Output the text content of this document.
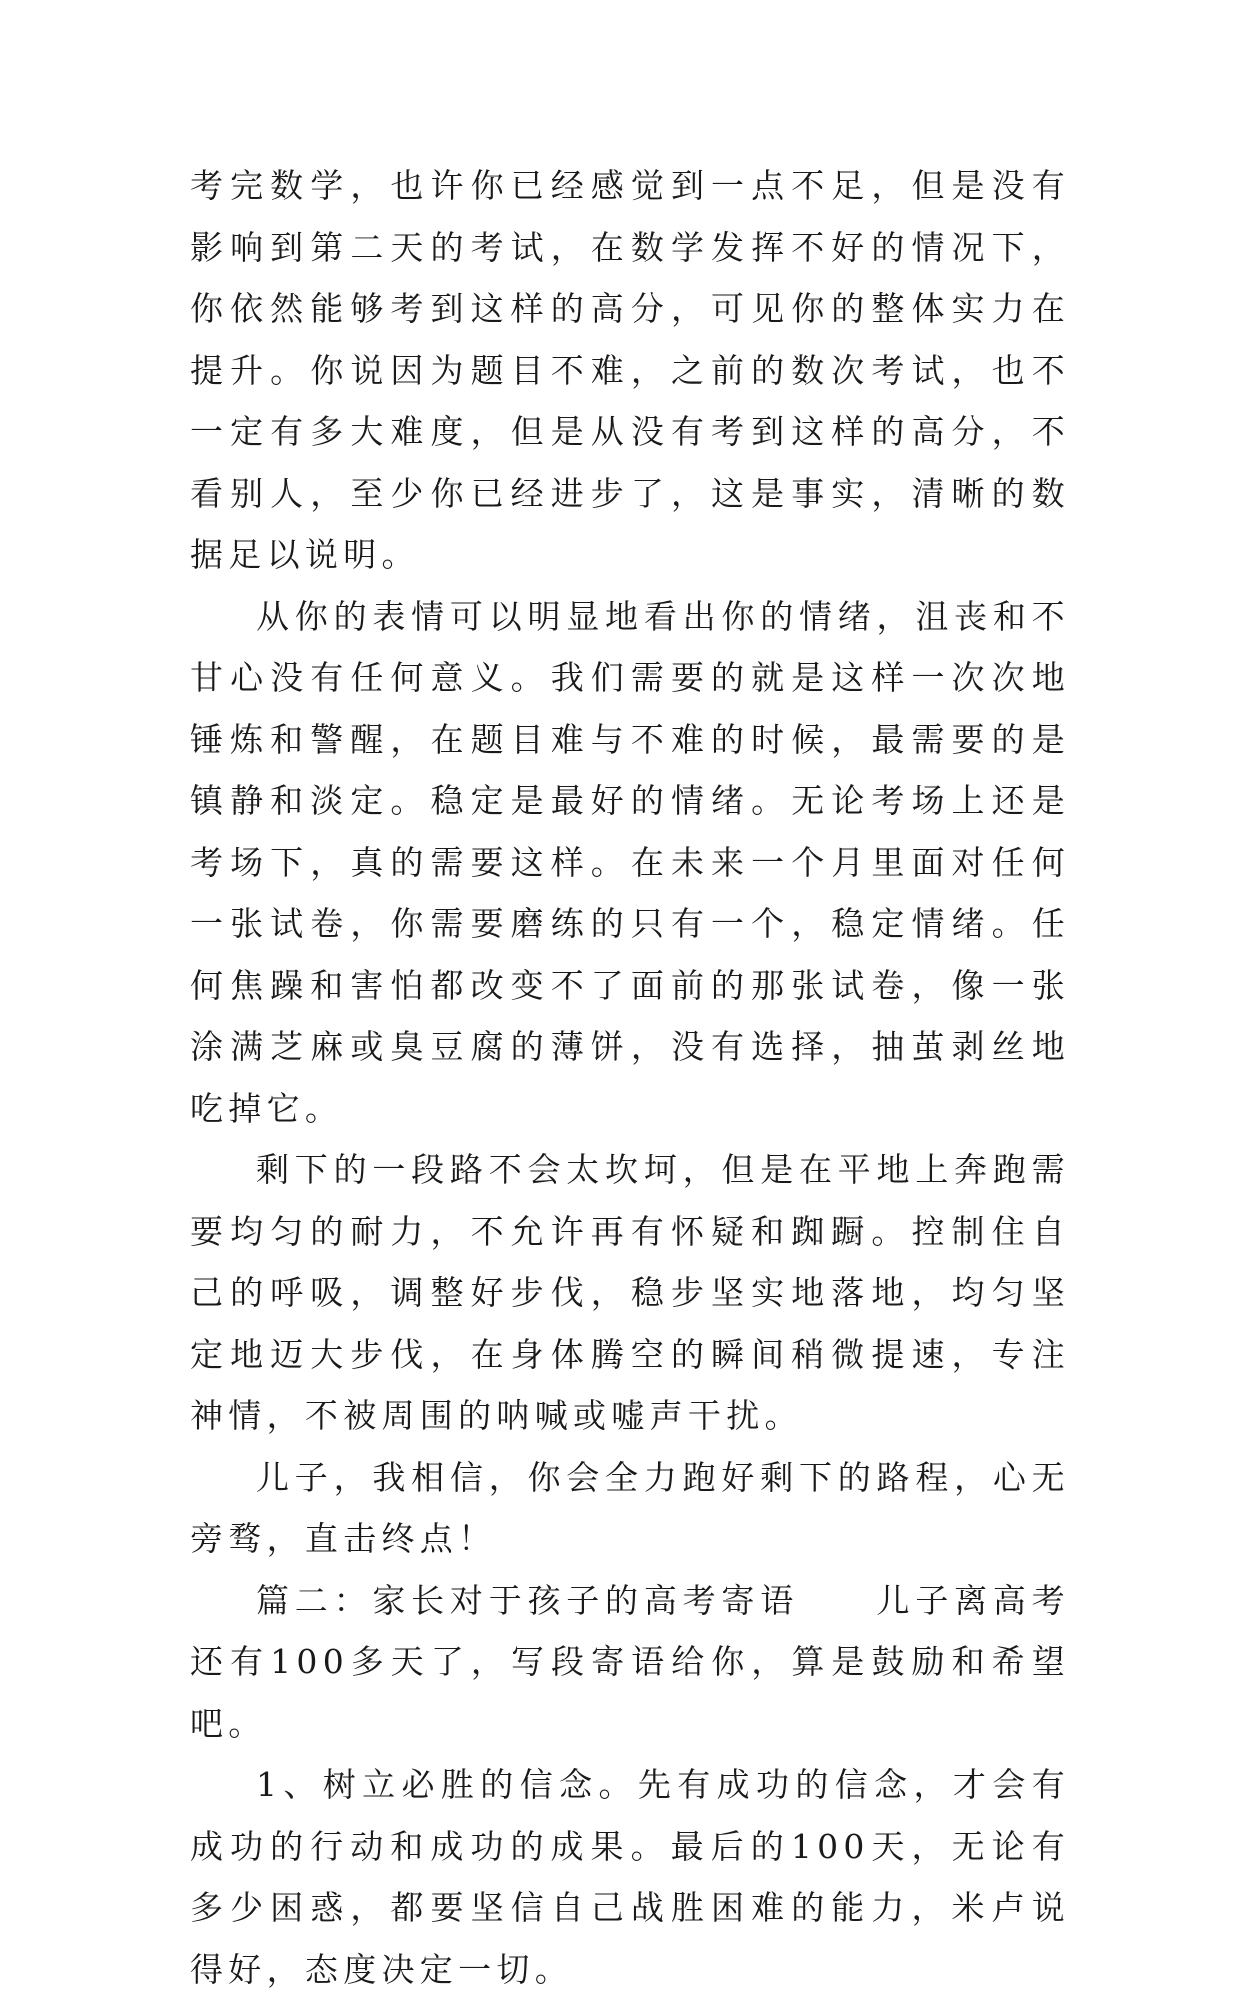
考完数学，也许你已经感觉到一点不足，但是没有影响到第二天的考试，在数学发挥不好的情况下，你依然能够考到这样的高分，可见你的整体实力在提升。你说因为题目不难，之前的数次考试，也不一定有多大难度，但是从没有考到这样的高分，不看别人，至少你已经进步了，这是事实，清晰的数据足以说明。

从你的表情可以明显地看出你的情绪，沮丧和不甘心没有任何意义。我们需要的就是这样一次次地锤炼和警醒，在题目难与不难的时候，最需要的是镇静和淡定。稳定是最好的情绪。无论考场上还是考场下，真的需要这样。在未来一个月里面对任何一张试卷，你需要磨练的只有一个，稳定情绪。任何焦躁和害怕都改变不了面前的那张试卷，像一张涂满芝麻或臭豆腐的薄饼，没有选择，抽茧剥丝地吃掉它。

剩下的一段路不会太坎坷，但是在平地上奔跑需要均匀的耐力，不允许再有怀疑和踟蹰。控制住自己的呼吸，调整好步伐，稳步坚实地落地，均匀坚定地迈大步伐，在身体腾空的瞬间稍微提速，专注神情，不被周围的呐喊或嘘声干扰。

儿子，我相信，你会全力跑好剩下的路程，心无旁骛，直击终点！

篇二：家长对于孩子的高考寄语　　儿子离高考还有100多天了，写段寄语给你，算是鼓励和希望吧。

1、树立必胜的信念。先有成功的信念，才会有成功的行动和成功的成果。最后的100天，无论有多少困惑，都要坚信自己战胜困难的能力，米卢说得好，态度决定一切。
